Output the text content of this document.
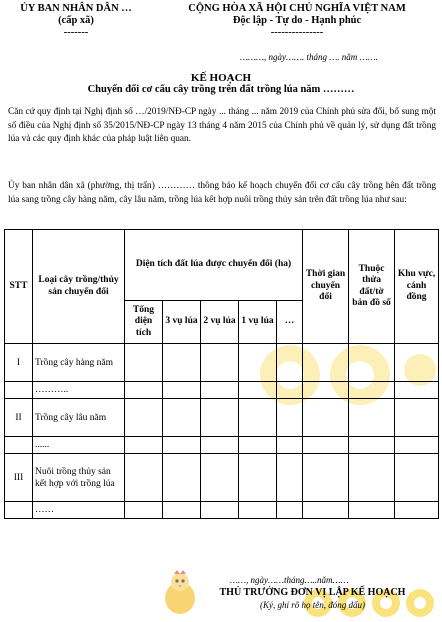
ỦY BAN NHÂN DÂN …
(cấp xã)
-------
CỘNG HÒA XÃ HỘI CHỦ NGHĨA VIỆT NAM
Độc lập - Tự do - Hạnh phúc
---------------
………, ngày……. tháng …. năm …….
KẾ HOẠCH
Chuyển đổi cơ cấu cây trồng trên đất trồng lúa năm ………
Căn cứ quy định tại Nghị định số …/2019/NĐ-CP ngày ... tháng ... năm 2019 của Chính phủ sửa đổi, bổ sung một số điều của Nghị định số 35/2015/NĐ-CP ngày 13 tháng 4 năm 2015 của Chính phủ về quản lý, sử dụng đất trồng lúa và các quy định khác của pháp luật liên quan.
Ủy ban nhân dân xã (phường, thị trấn) ………… thông báo kế hoạch chuyển đổi cơ cấu cây trồng hên đất trồng lúa sang trồng cây hàng năm, cây lâu năm, trồng lúa kết hợp nuôi trồng thủy sản trên đất trồng lúa như sau:
STT	Loại cây trồng/thủy sản chuyển đổi	Diện tích đất lúa được chuyển đổi (ha)					Thời gian chuyển đổi	Thuộc thửa đất/tờ bản đồ số	Khu vực, cánh đồng
		Tổng diện tích	3 vụ lúa	2 vụ lúa	1 vụ lúa	…			
I	Trồng cây hàng năm								
	………..								
II	Trồng cây lâu năm								
	......								
III	Nuôi trồng thủy sản kết hợp với trồng lúa								
	……								
……, ngày……tháng…..năm……
THỦ TRƯỞNG ĐƠN VỊ LẬP KẾ HOẠCH
(Ký, ghi rõ họ tên, đóng dấu)
